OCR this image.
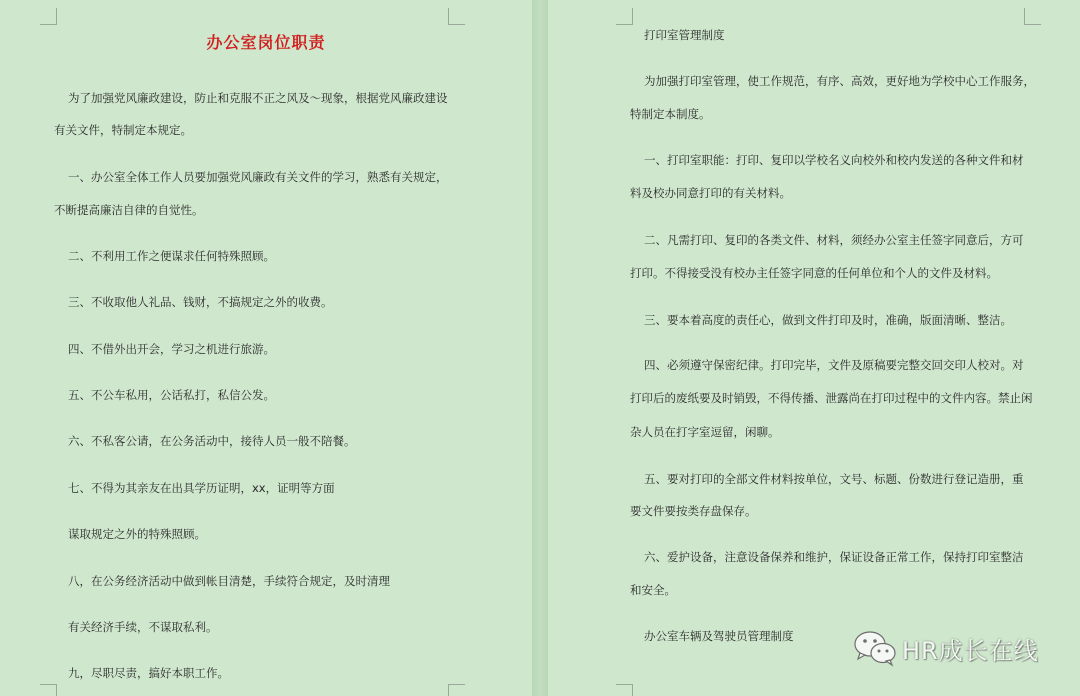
办公室岗位职责
为了加强党风廉政建设，防止和克服不正之风及～现象，根据党风廉政建设
有关文件，特制定本规定。
一、办公室全体工作人员要加强党风廉政有关文件的学习，熟悉有关规定，
不断提高廉洁自律的自觉性。
二、不利用工作之便谋求任何特殊照顾。
三、不收取他人礼品、钱财，不搞规定之外的收费。
四、不借外出开会，学习之机进行旅游。
五、不公车私用，公话私打，私信公发。
六、不私客公请，在公务活动中，接待人员一般不陪餐。
七、不得为其亲友在出具学历证明，xx，证明等方面
谋取规定之外的特殊照顾。
八，在公务经济活动中做到帐目清楚，手续符合规定，及时清理
有关经济手续，不谋取私利。
九，尽职尽责，搞好本职工作。
打印室管理制度
为加强打印室管理，使工作规范，有序、高效，更好地为学校中心工作服务，
特制定本制度。
一、打印室职能：打印、复印以学校名义向校外和校内发送的各种文件和材
料及校办同意打印的有关材料。
二、凡需打印、复印的各类文件、材料，须经办公室主任签字同意后，方可
打印。不得接受没有校办主任签字同意的任何单位和个人的文件及材料。
三、要本着高度的责任心，做到文件打印及时，准确，版面清晰、整洁。
四、必须遵守保密纪律。打印完毕，文件及原稿要完整交回交印人校对。对
打印后的废纸要及时销毁，不得传播、泄露尚在打印过程中的文件内容。禁止闲
杂人员在打字室逗留，闲聊。
五、要对打印的全部文件材料按单位，文号、标题、份数进行登记造册，重
要文件要按类存盘保存。
六、爱护设备，注意设备保养和维护，保证设备正常工作，保持打印室整洁
和安全。
办公室车辆及驾驶员管理制度
HR成长在线
